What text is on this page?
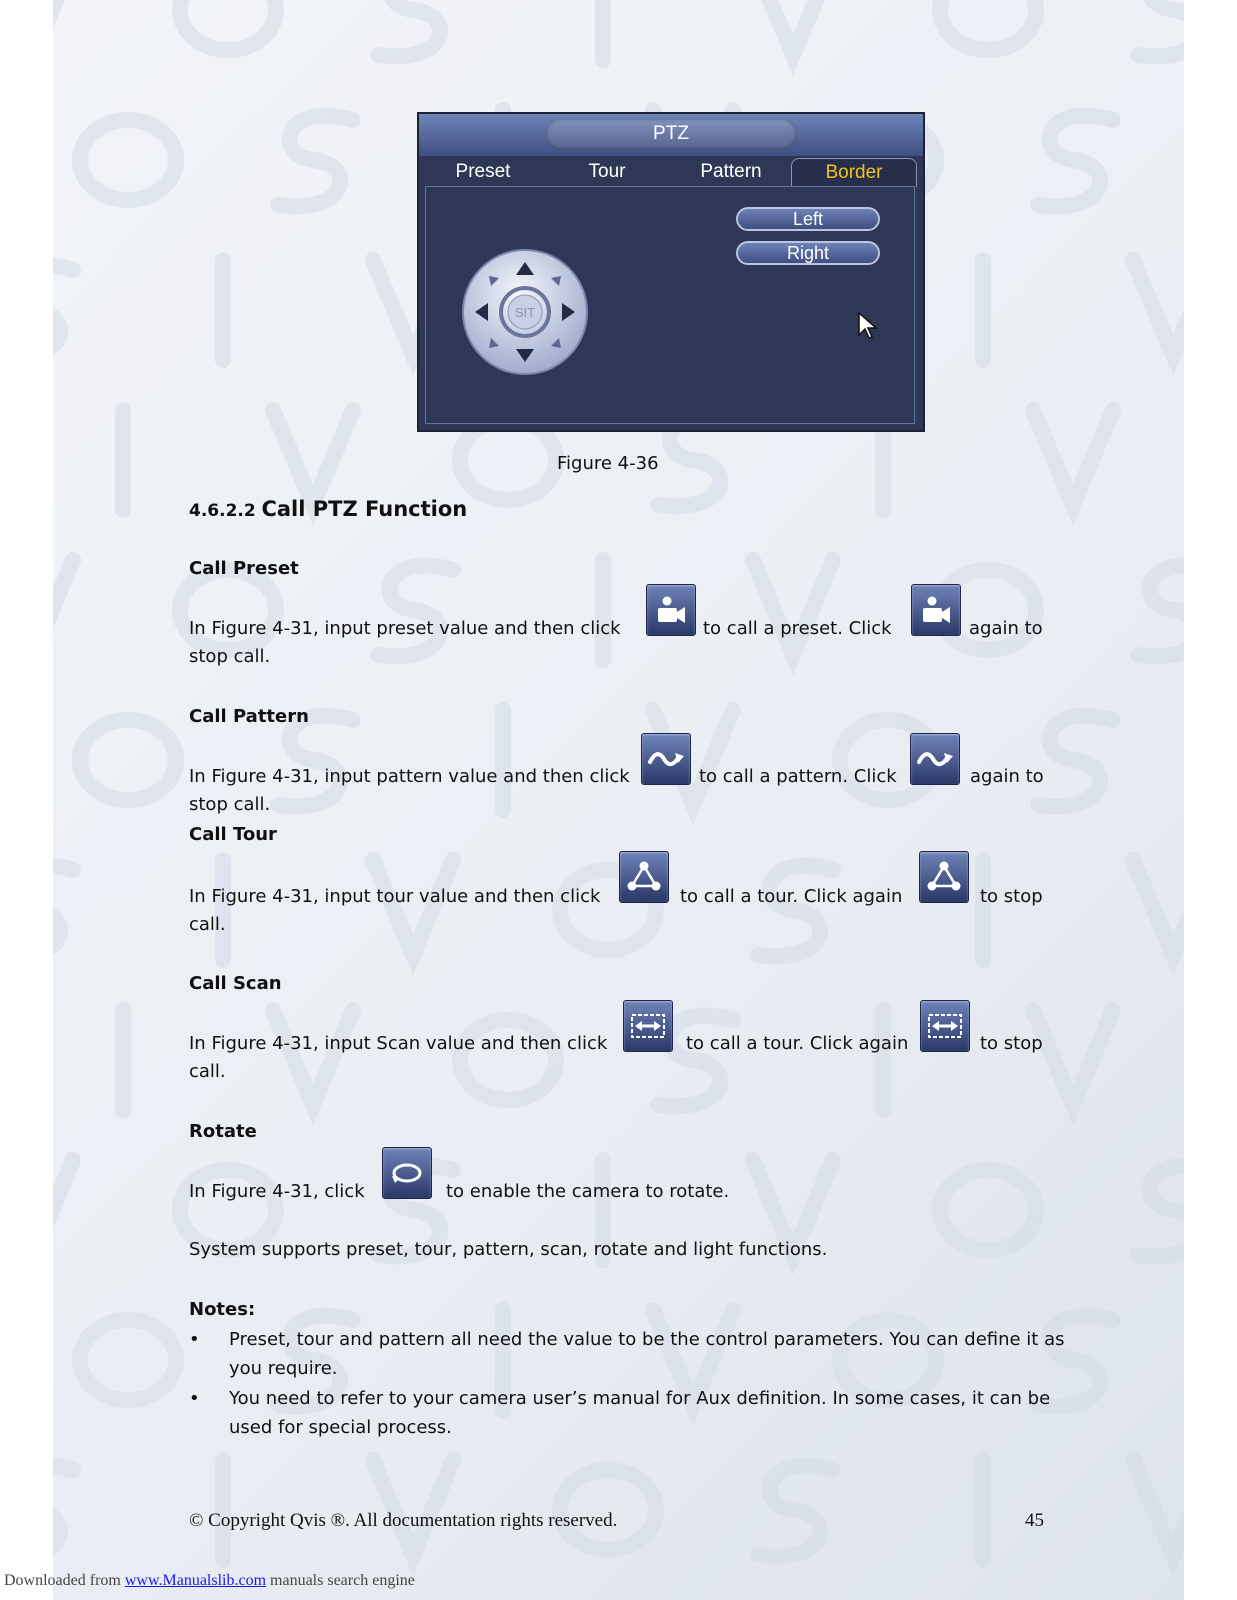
PTZ
Preset	Tour	Pattern	Border
Left
Right
SIT
Figure 4-36
4.6.2.2 Call PTZ Function
Call Preset
In Figure 4-31, input preset value and then click	to call a preset. Click	again to
stop call.
Call Pattern
In Figure 4-31, input pattern value and then click	to call a pattern. Click	again to
stop call.
Call Tour
In Figure 4-31, input tour value and then click	to call a tour. Click again	to stop
call.
Call Scan
In Figure 4-31, input Scan value and then click	to call a tour. Click again	to stop
call.
Rotate
In Figure 4-31, click	to enable the camera to rotate.
System supports preset, tour, pattern, scan, rotate and light functions.
Notes:
• Preset, tour and pattern all need the value to be the control parameters. You can define it as
you require.
• You need to refer to your camera user’s manual for Aux definition. In some cases, it can be
used for special process.
© Copyright Qvis ®. All documentation rights reserved.	45
Downloaded from www.Manualslib.com manuals search engine
